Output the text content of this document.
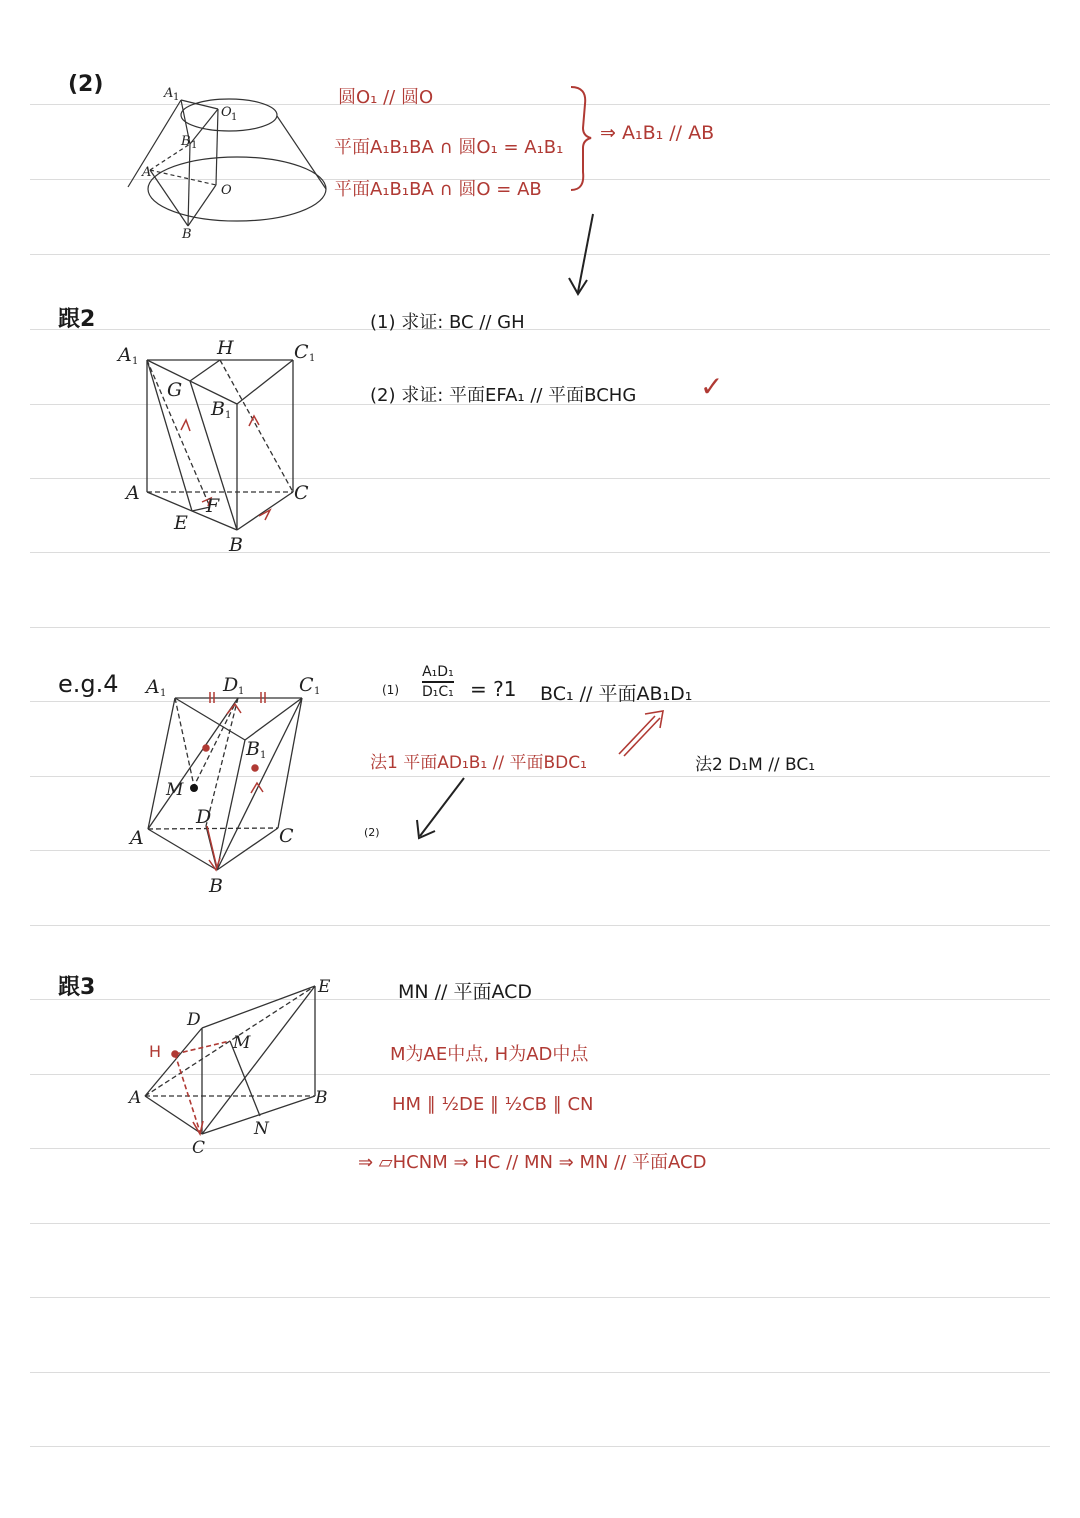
(2)	A 1
O 1
B 1
A
O
B
圆O₁ // 圆O
平面A₁B₁BA ∩ 圆O₁ = A₁B₁
平面A₁B₁BA ∩ 圆O = AB
⇒ A₁B₁ // AB
跟2
A 1
H	C 1
G
B 1
A	C
F
E
B
(1) 求证: BC // GH
(2) 求证: 平面EFA₁ // 平面BCHG ✓
e.g.4 A 1	D 1	C 1
B 1
M
D
A	C
B
$(1) \frac{\text{A₁D₁}}{\text{D₁C₁}}$ = ?1 BC₁ // 平面AB₁D₁
法1 平面AD₁B₁ // 平面BDC₁	法2 D₁M // BC₁
(2)
跟3	E
D
M
H
A	B
N
C
MN // 平面ACD
M为AE中点, H为AD中点
HM ∥ ½DE ∥ ½CB ∥ CN
⇒ ▱HCNM ⇒ HC // MN ⇒ MN // 平面ACD
